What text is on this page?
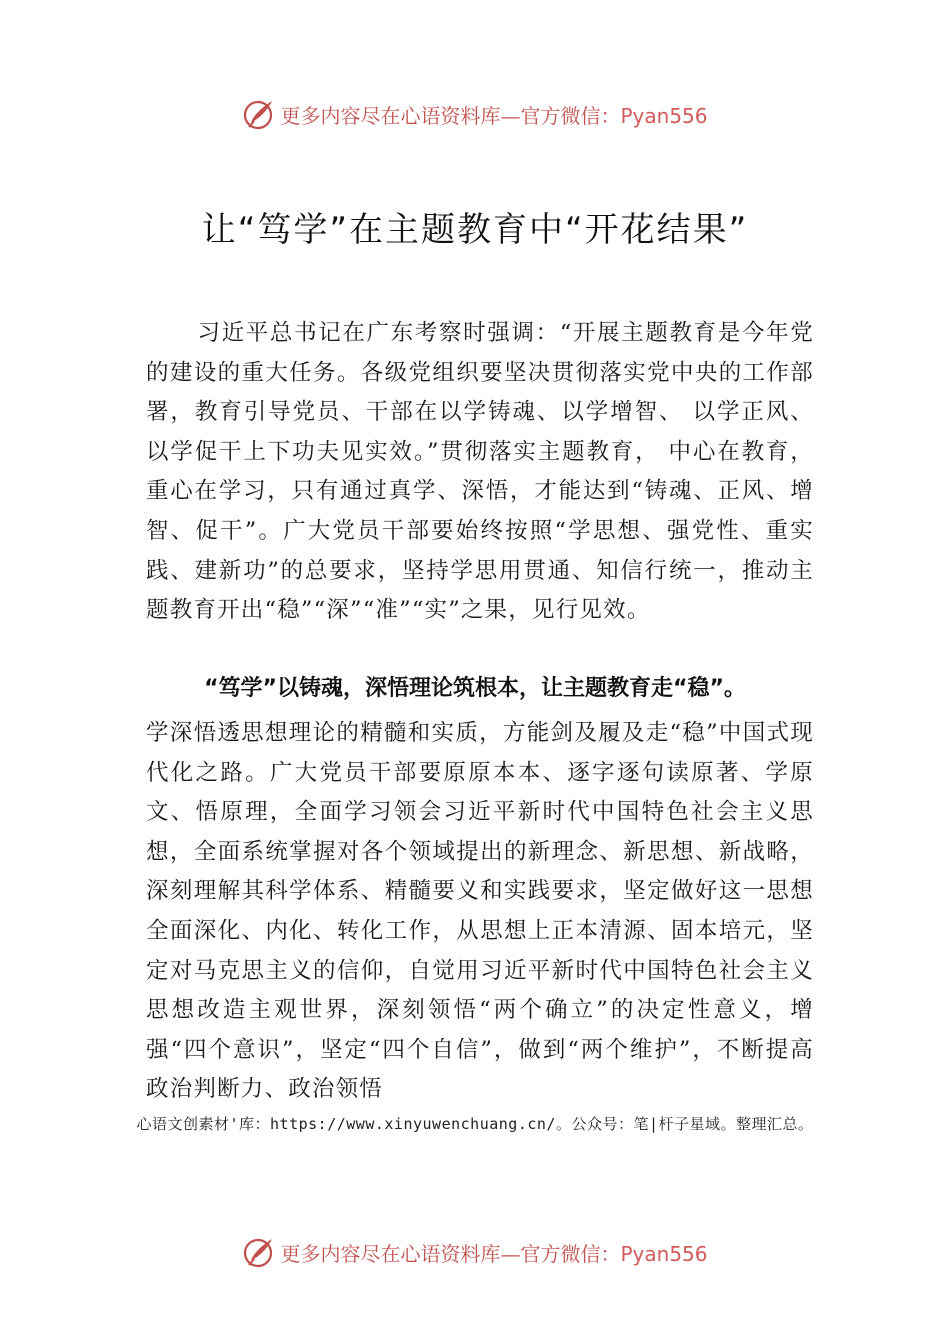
更多内容尽在心语资料库—官方微信：Pyan556
让“笃学”在主题教育中“开花结果”
习近平总书记在广东考察时强调：“开展主题教育是今年党的建设的重大任务。各级党组织要坚决贯彻落实党中央的工作部署，教育引导党员、干部在以学铸魂、以学增智、 以学正风、以学促干上下功夫见实效。”贯彻落实主题教育， 中心在教育，重心在学习，只有通过真学、深悟，才能达到“铸魂、正风、增智、促干”。广大党员干部要始终按照“学思想、强党性、重实践、建新功”的总要求，坚持学思用贯通、知信行统一，推动主题教育开出“稳”“深”“准”“实”之果，见行见效。
“笃学”以铸魂，深悟理论筑根本，让主题教育走“稳”。
学深悟透思想理论的精髓和实质，方能剑及履及走“稳”中国式现代化之路。广大党员干部要原原本本、逐字逐句读原著、学原文、悟原理，全面学习领会习近平新时代中国特色社会主义思想，全面系统掌握对各个领域提出的新理念、新思想、新战略，深刻理解其科学体系、精髓要义和实践要求，坚定做好这一思想全面深化、内化、转化工作，从思想上正本清源、固本培元，坚定对马克思主义的信仰，自觉用习近平新时代中国特色社会主义思想改造主观世界，深刻领悟“两个确立”的决定性意义，增强“四个意识”，坚定“四个自信”，做到“两个维护”，不断提高政治判断力、政治领悟
心语文创素材'库：https://www.xinyuwenchuang.cn/。公众号：笔|杆子星域。整理汇总。
更多内容尽在心语资料库—官方微信：Pyan556
